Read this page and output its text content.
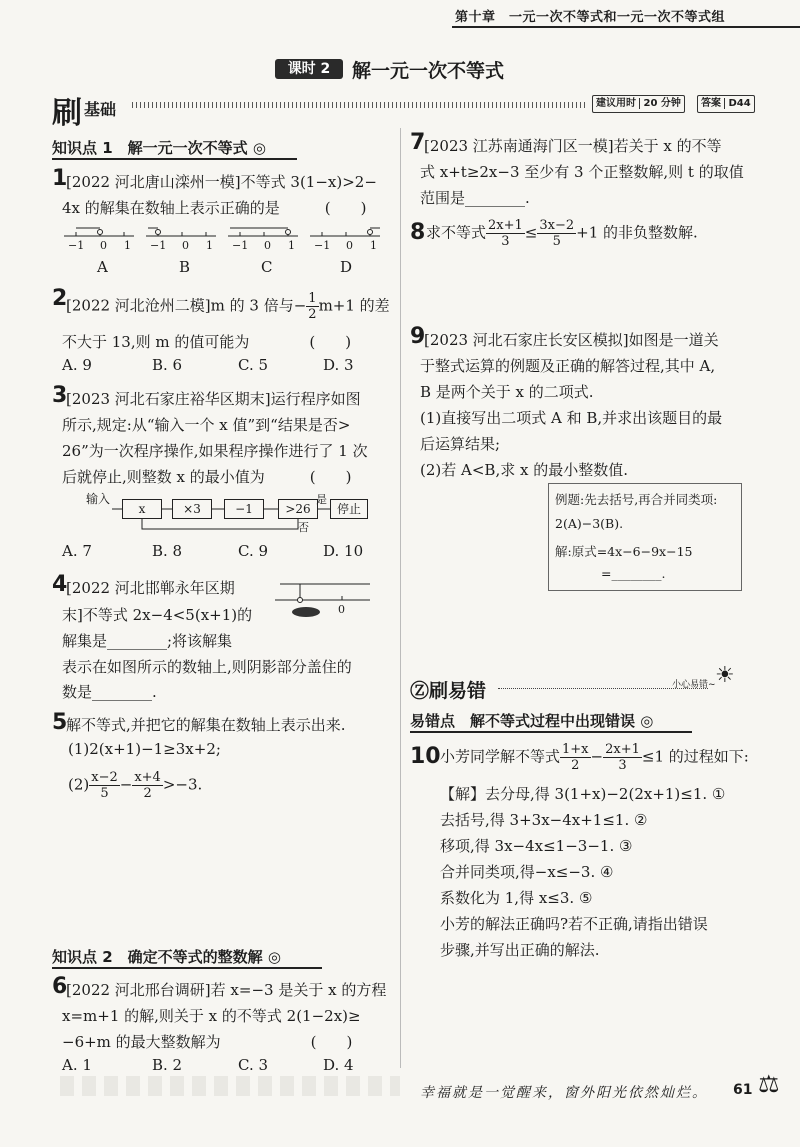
第十章　一元一次不等式和一元一次不等式组
课时 2	解一元一次不等式
刷 基础	建议用时 20 分钟	答案 D44
知识点 1　解一元一次不等式 ◎
1
[2022 河北唐山滦州一模]不等式 3(1−x)>2−
4x 的解集在数轴上表示正确的是　　　(　　)
−1 0 1 −1 0 1 −1 0 1 −1 0 1
A	B	C	D
2
[2022 河北沧州二模]m 的 3 倍与− $\frac{1}{2} m+1$ 的差
不大于 13,则 m 的值可能为　　　　(　　)
A. 9	B. 6	C. 5	D. 3
3
[2023 河北石家庄裕华区期末]运行程序如图
所示,规定:从“输入一个 x 值”到“结果是否>
26”为一次程序操作,如果程序操作进行了 1 次
后就停止,则整数 x 的最小值为　　　(　　)
输入
x	×3	−1	>26
是
否
停止
A. 7	B. 8	C. 9	D. 10
4
[2022 河北邯郸永年区期
末]不等式 2x−4<5(x+1)的
解集是________;将该解集
表示在如图所示的数轴上,则阴影部分盖住的
数是________.
0
5
解不等式,并把它的解集在数轴上表示出来.
(1)2(x+1)−1≥3x+2;
$(2) \frac{x-2}{5} - \frac{x+4}{2} >-3$.
知识点 2　确定不等式的整数解 ◎
6
[2022 河北邢台调研]若 x=−3 是关于 x 的方程
x=m+1 的解,则关于 x 的不等式 2(1−2x)≥
−6+m 的最大整数解为　　　　　　(　　)
A. 1	B. 2	C. 3	D. 4
7
[2023 江苏南通海门区一模]若关于 x 的不等
式 x+t≥2x−3 至少有 3 个正整数解,则 t 的取值
范围是________.
8 求不等式 $\frac{2x+1}{3} \le \frac{3x-2}{5} +1$ 的非负整数解.
9
[2023 河北石家庄长安区模拟]如图是一道关
于整式运算的例题及正确的解答过程,其中 A,
B 是两个关于 x 的二项式.
(1)直接写出二项式 A 和 B,并求出该题目的最
后运算结果;
(2)若 A<B,求 x 的最小整数值.
例题:先去括号,再合并同类项:
2(A)−3(B).
解:原式=4x−6−9x−15
=________.
Ⓩ刷易错	小心易错~ ☀
易错点　解不等式过程中出现错误 ◎
10 小芳同学解不等式 $\frac{1+x}{2} - \frac{2x+1}{3} \le 1$ 的过程如下:
【解】去分母,得 3(1+x)−2(2x+1)≤1. ①
去括号,得 3+3x−4x+1≤1. ②
移项,得 3x−4x≤1−3−1. ③
合并同类项,得−x≤−3. ④
系数化为 1,得 x≤3. ⑤
小芳的解法正确吗?若不正确,请指出错误
步骤,并写出正确的解法.
幸福就是一觉醒来，窗外阳光依然灿烂。 61 ⚖
